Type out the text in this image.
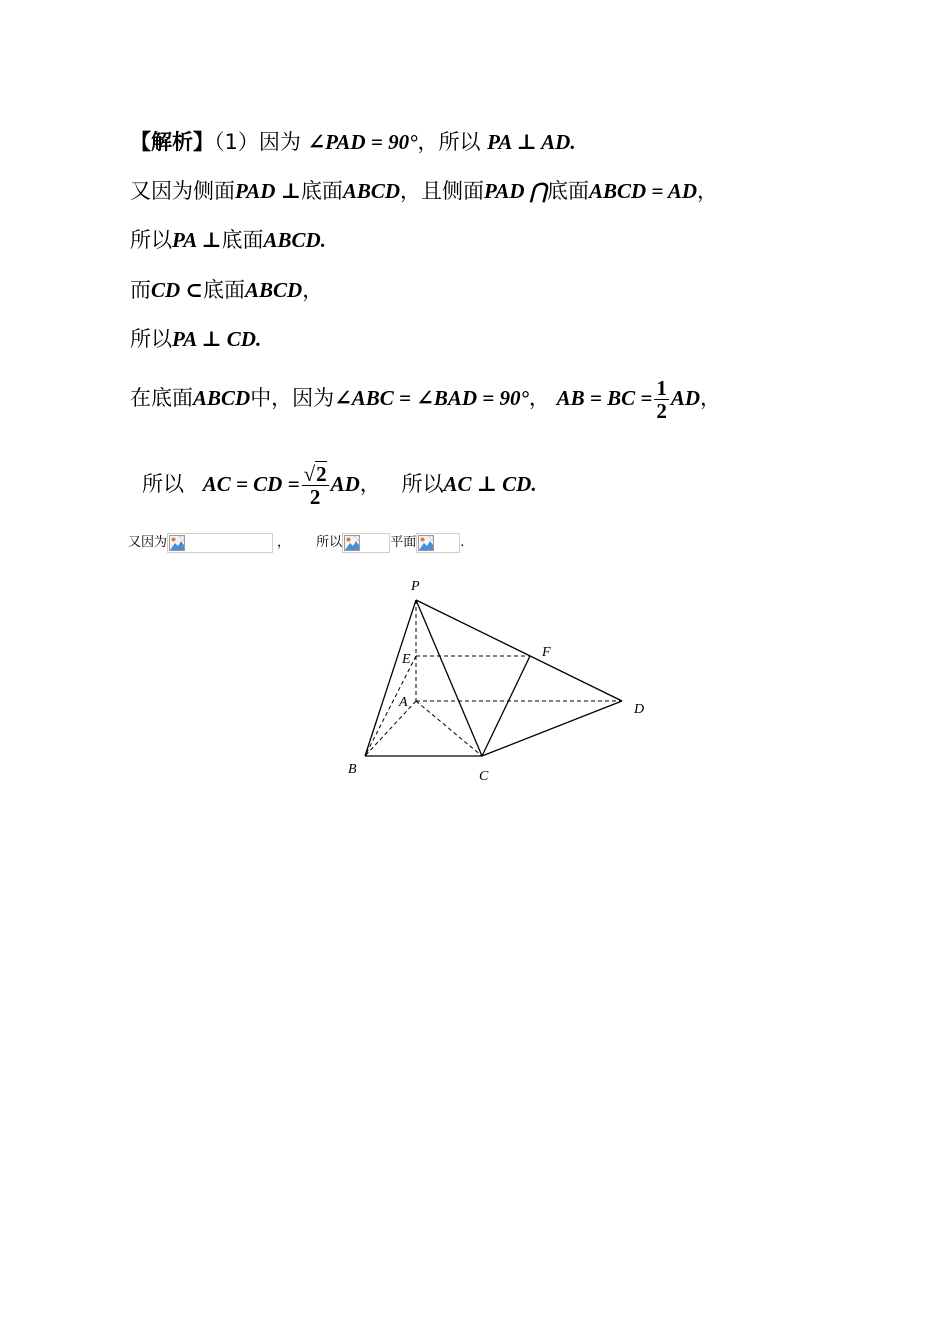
【解析】（1）因为 ∠PAD = 90°，所以 PA ⊥ AD.
又因为侧面PAD ⊥底面ABCD，且侧面PAD ⋂底面ABCD = AD，
所以PA ⊥底面ABCD.
而CD ⊂底面ABCD，
所以PA ⊥ CD.
在底面ABCD中，因为∠ABC = ∠BAD = 90°， AB = BC = $\frac{1}{2}$ AD，
所以 AC = CD = $\frac{√2}{2}$ AD， 所以AC ⊥ CD.
又因为	， 所以	平面	.
P
E	F
A	D
B	C
